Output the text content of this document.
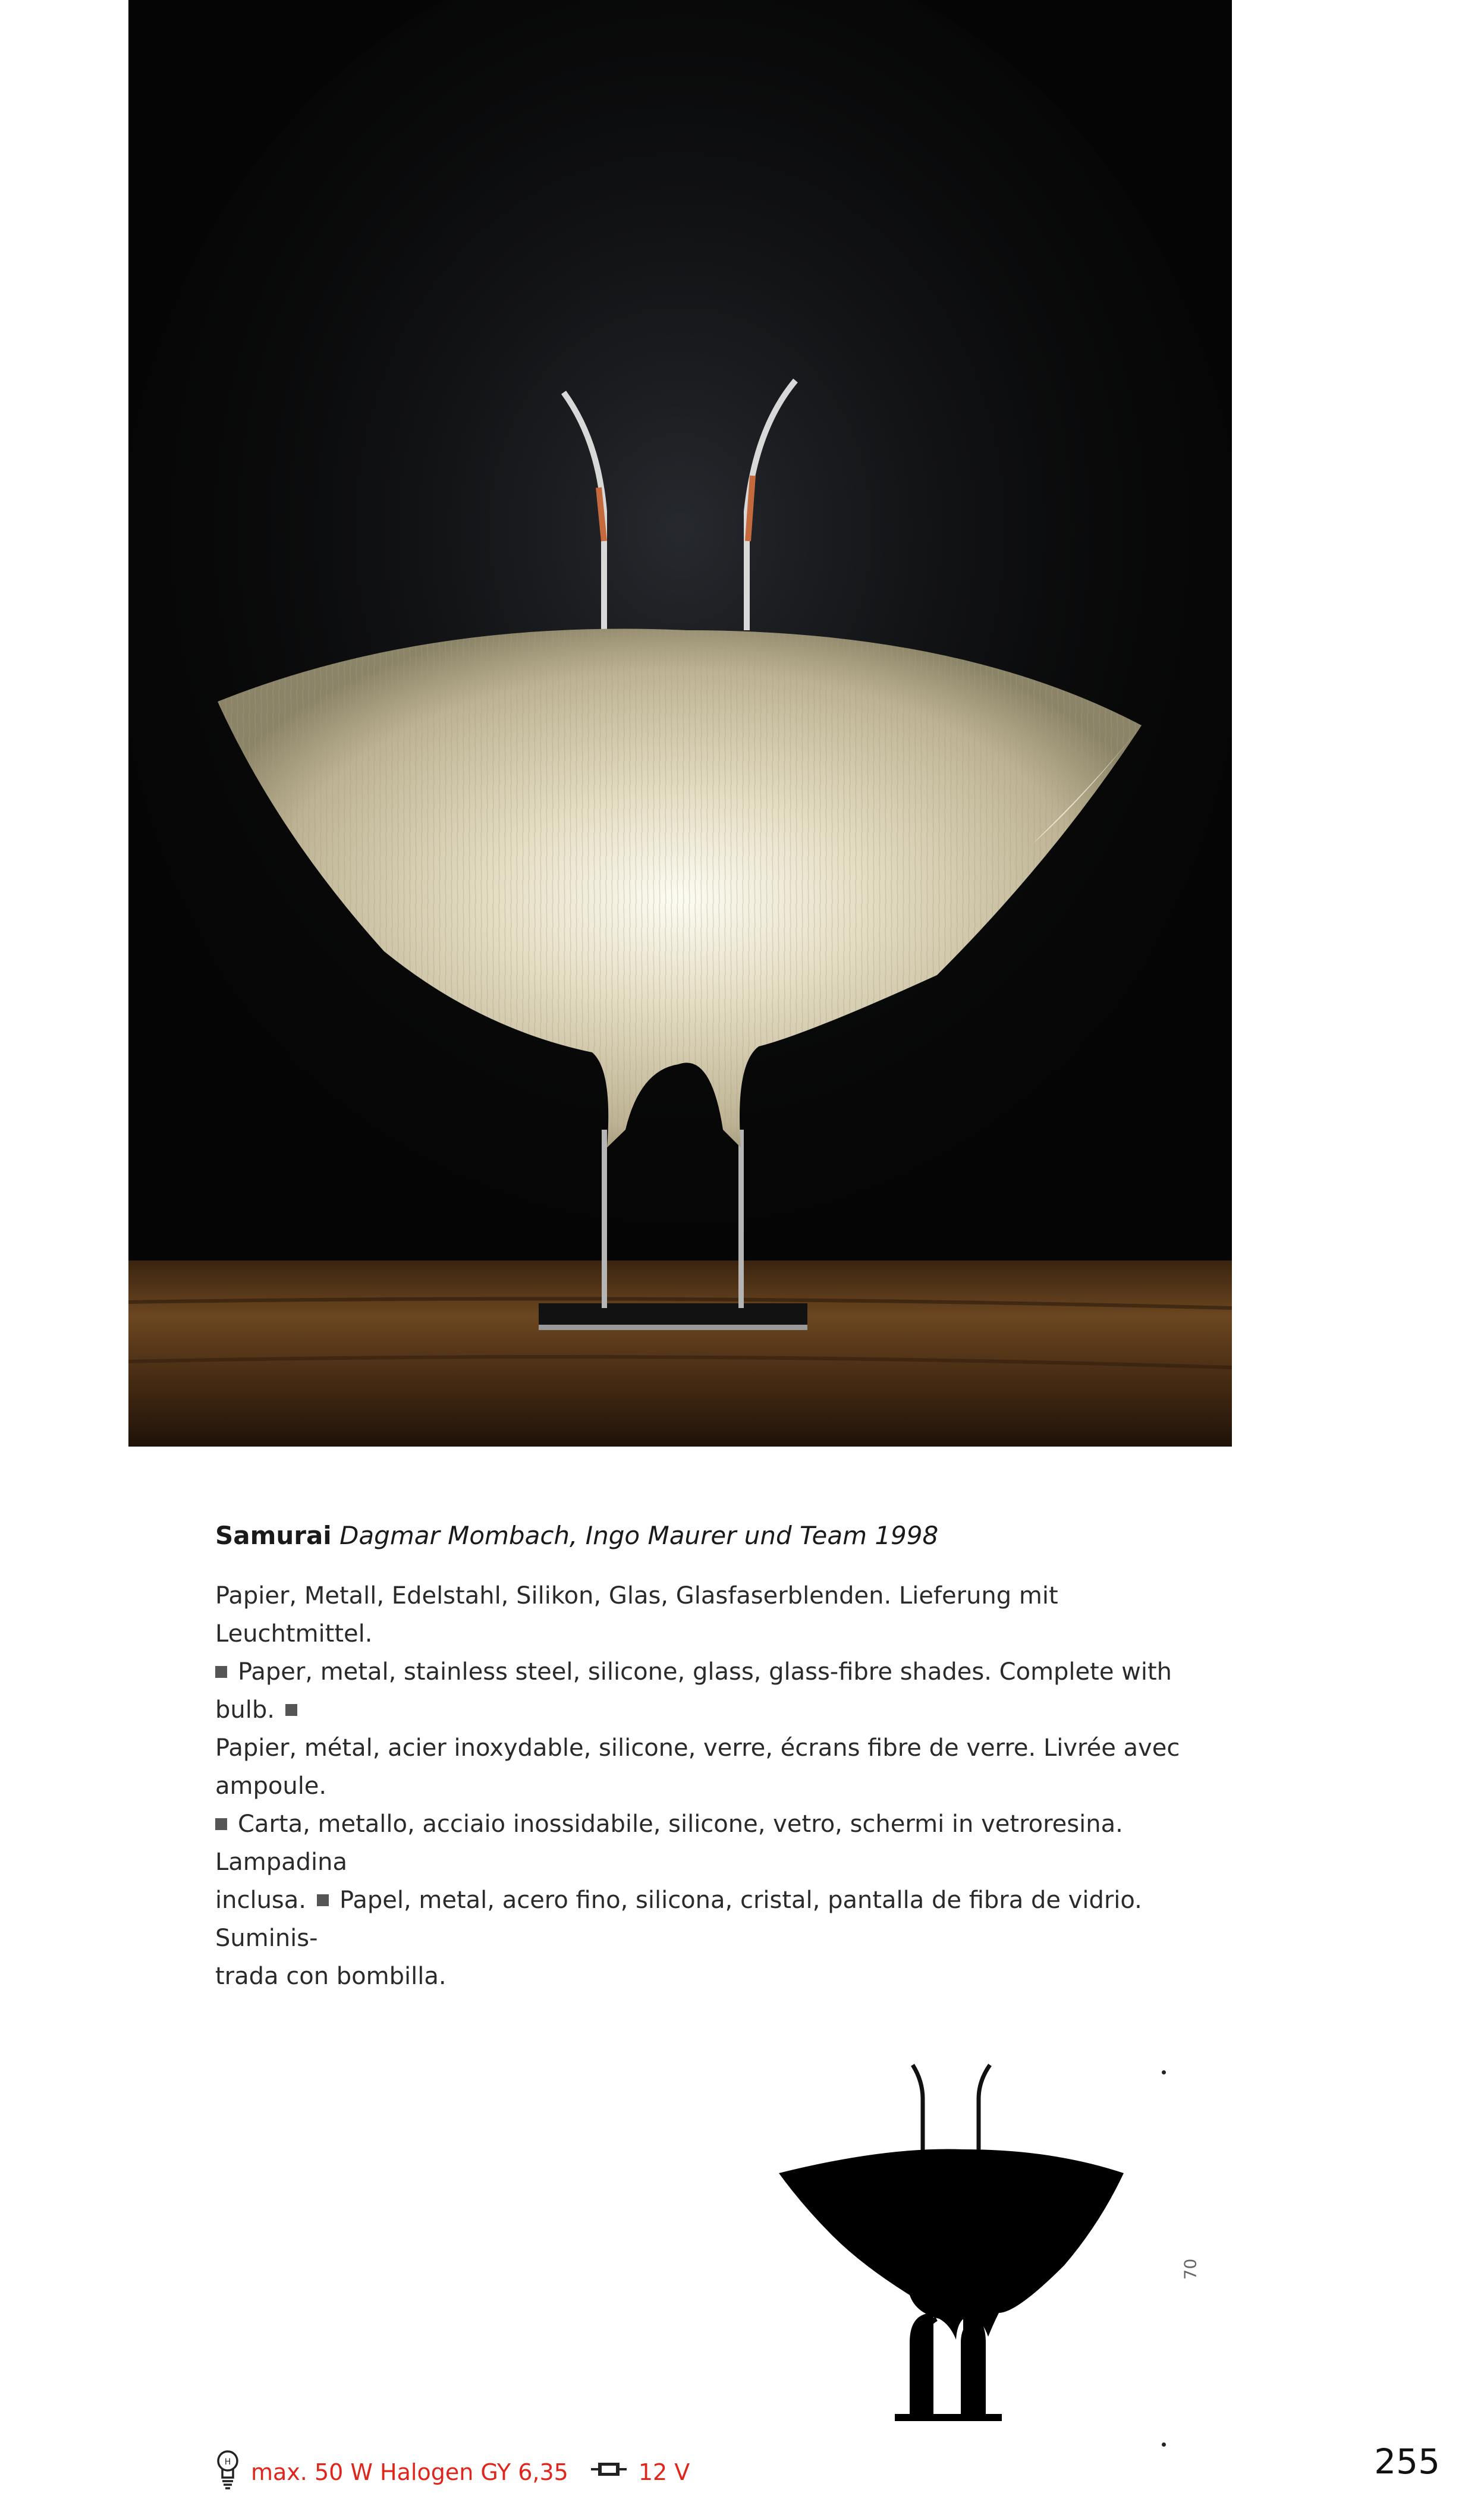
Samurai Dagmar Mombach, Ingo Maurer und Team 1998

Papier, Metall, Edelstahl, Silikon, Glas, Glasfaserblenden. Lieferung mit Leuchtmittel.
Paper, metal, stainless steel, silicone, glass, glass-fibre shades. Complete with bulb.
Papier, métal, acier inoxydable, silicone, verre, écrans fibre de verre. Livrée avec ampoule.
Carta, metallo, acciaio inossidabile, silicone, vetro, schermi in vetroresina. Lampadina
inclusa. Papel, metal, acero fino, silicona, cristal, pantalla de fibra de vidrio. Suminis-
trada con bombilla.

70
H max. 50 W Halogen GY 6,35	12 V	255
